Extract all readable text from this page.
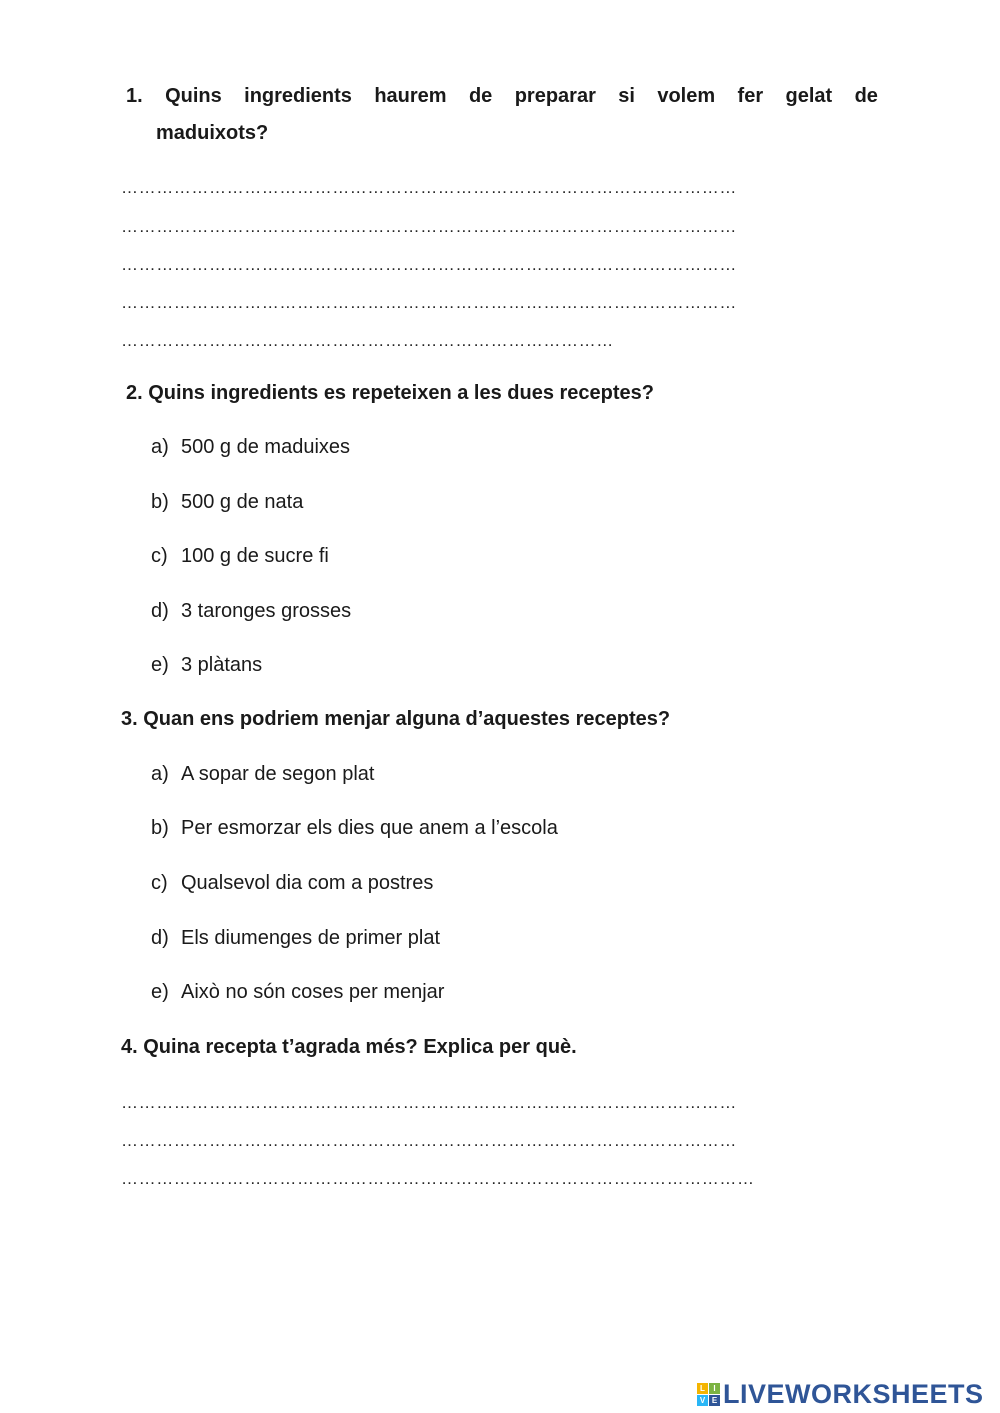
1. Quins ingredients haurem de preparar si volem fer gelat de
maduixots?
……………………………………………………………………………………………
……………………………………………………………………………………………
……………………………………………………………………………………………
……………………………………………………………………………………………
…………………………………………………………………………
2. Quins ingredients es repeteixen a les dues receptes?
a) 500 g de maduixes
b) 500 g de nata
c) 100 g de sucre fi
d) 3 taronges grosses
e) 3 plàtans
3. Quan ens podriem menjar alguna d’aquestes receptes?
a) A sopar de segon plat
b) Per esmorzar els dies que anem a l’escola
c) Qualsevol dia com a postres
d) Els diumenges de primer plat
e) Això no són coses per menjar
4. Quina recepta t’agrada més? Explica per què.
……………………………………………………………………………………………
……………………………………………………………………………………………
………………………………………………………………………………………………
L	I
V E LIVEWORKSHEETS
